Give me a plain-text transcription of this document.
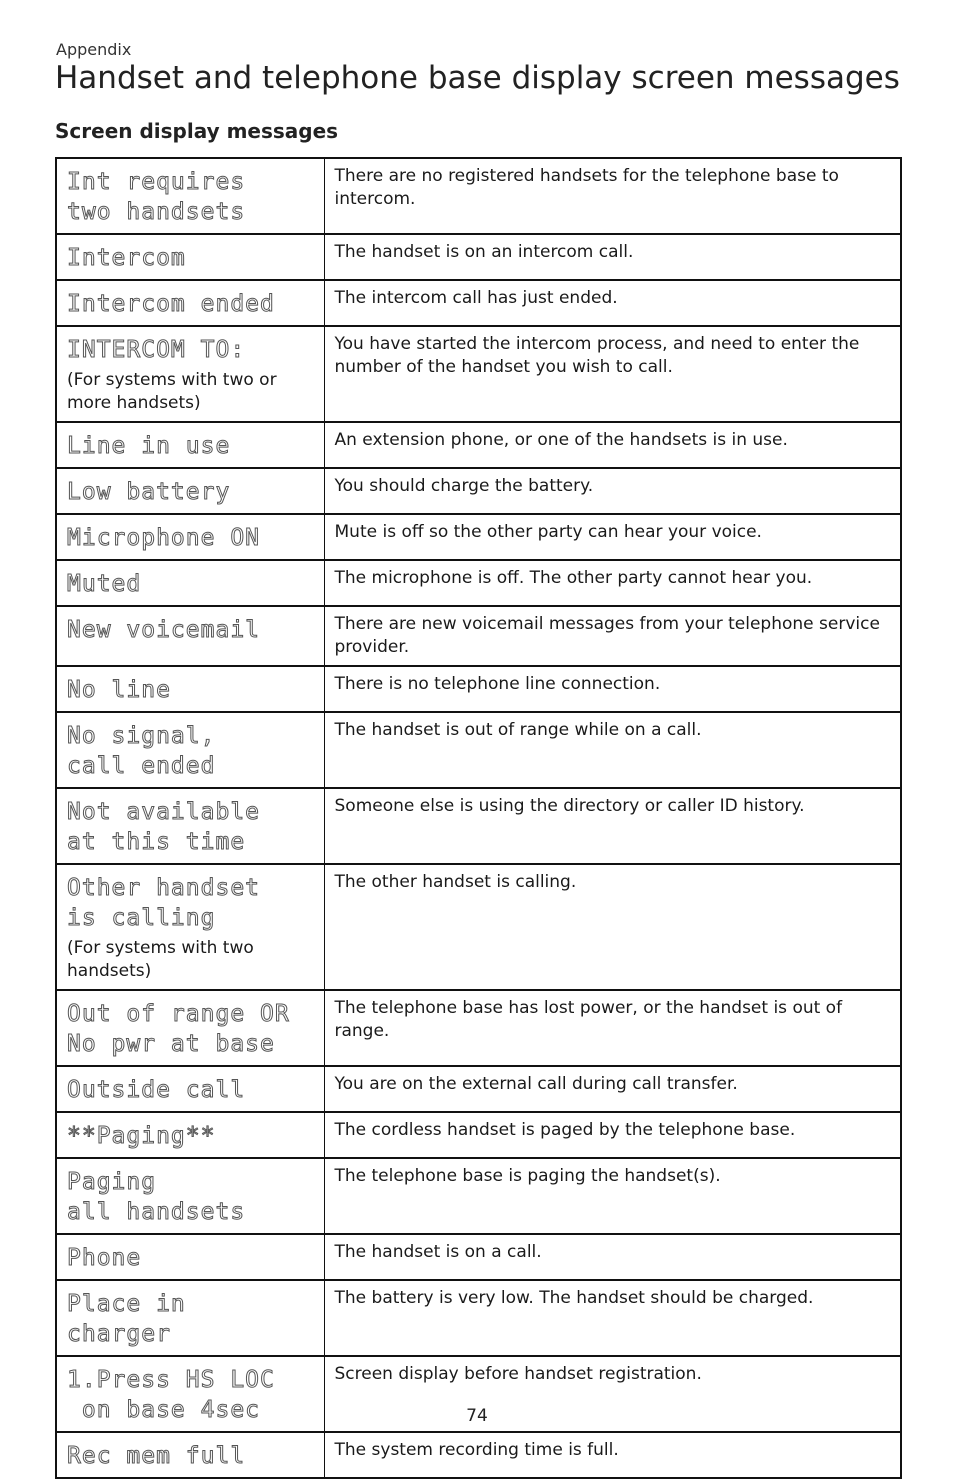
Appendix
Handset and telephone base display screen messages
Screen display messages
Int requires
two handsets	There are no registered handsets for the telephone base to intercom.

Intercom	The handset is on an intercom call.

Intercom ended	The intercom call has just ended.

INTERCOM TO:
(For systems with two or more handsets)	You have started the intercom process, and need to enter the number of the handset you wish to call.

Line in use	An extension phone, or one of the handsets is in use.

Low battery	You should charge the battery.

Microphone ON	Mute is off so the other party can hear your voice.

Muted	The microphone is off. The other party cannot hear you.

New voicemail	There are new voicemail messages from your telephone service provider.

No line	There is no telephone line connection.

No signal,
call ended	The handset is out of range while on a call.

Not available
at this time	Someone else is using the directory or caller ID history.

Other handset
is calling
(For systems with two handsets)	The other handset is calling.

Out of range OR
No pwr at base	The telephone base has lost power, or the handset is out of range.

Outside call	You are on the external call during call transfer.

**Paging**	The cordless handset is paged by the telephone base.

Paging
all handsets	The telephone base is paging the handset(s).

Phone	The handset is on a call.

Place in
charger	The battery is very low. The handset should be charged.

1.Press HS LOC
on base 4sec	Screen display before handset registration.

Rec mem full	The system recording time is full.
74
